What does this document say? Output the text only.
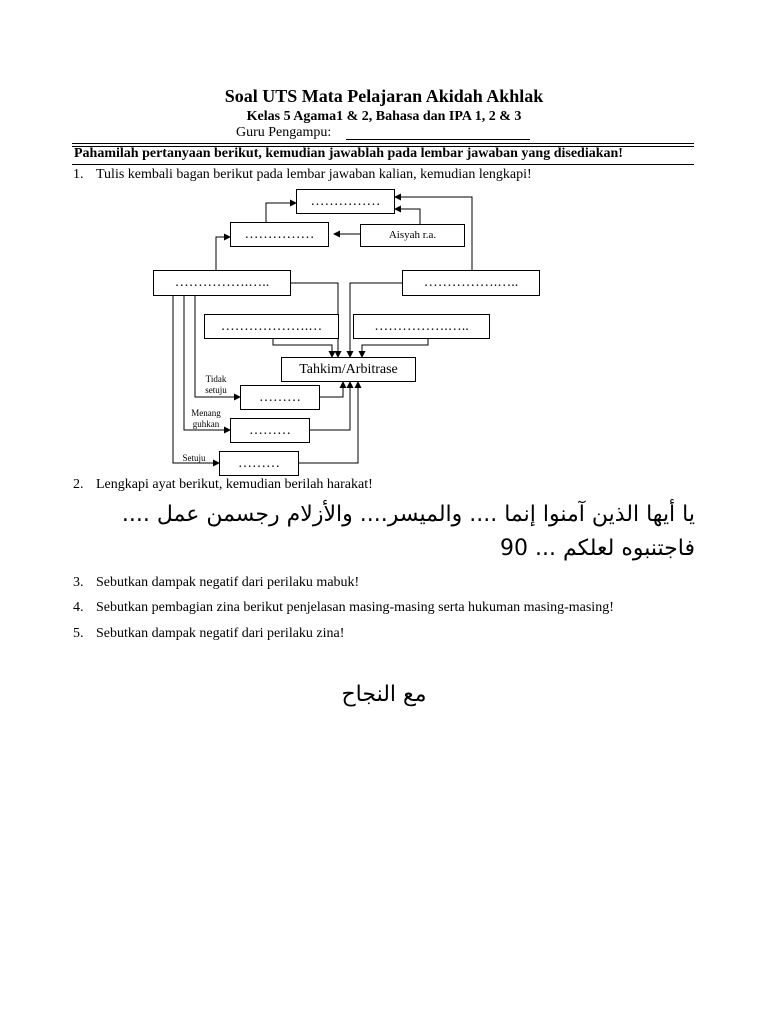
Soal UTS Mata Pelajaran Akidah Akhlak
Kelas 5 Agama1 & 2, Bahasa dan IPA 1, 2 & 3
Guru Pengampu:
Pahamilah pertanyaan berikut, kemudian jawablah pada lembar jawaban yang disediakan!
1. Tulis kembali bagan berikut pada lembar jawaban kalian, kemudian lengkapi!
……………
……………	Aisyah r.a.
…………….…..	…………….…..
……………….…	…………….…..
Tahkim/Arbitrase
………
………
………
Tidak setuju
Menang guhkan
Setuju
2. Lengkapi ayat berikut, kemudian berilah harakat!
يا أيها الذين آمنوا إنما .... والميسر.... والأزلام رجسمن عمل ....
فاجتنبوه لعلكم ... 90
3. Sebutkan dampak negatif dari perilaku mabuk!
4. Sebutkan pembagian zina berikut penjelasan masing-masing serta hukuman masing-masing!
5. Sebutkan dampak negatif dari perilaku zina!
مع النجاح
